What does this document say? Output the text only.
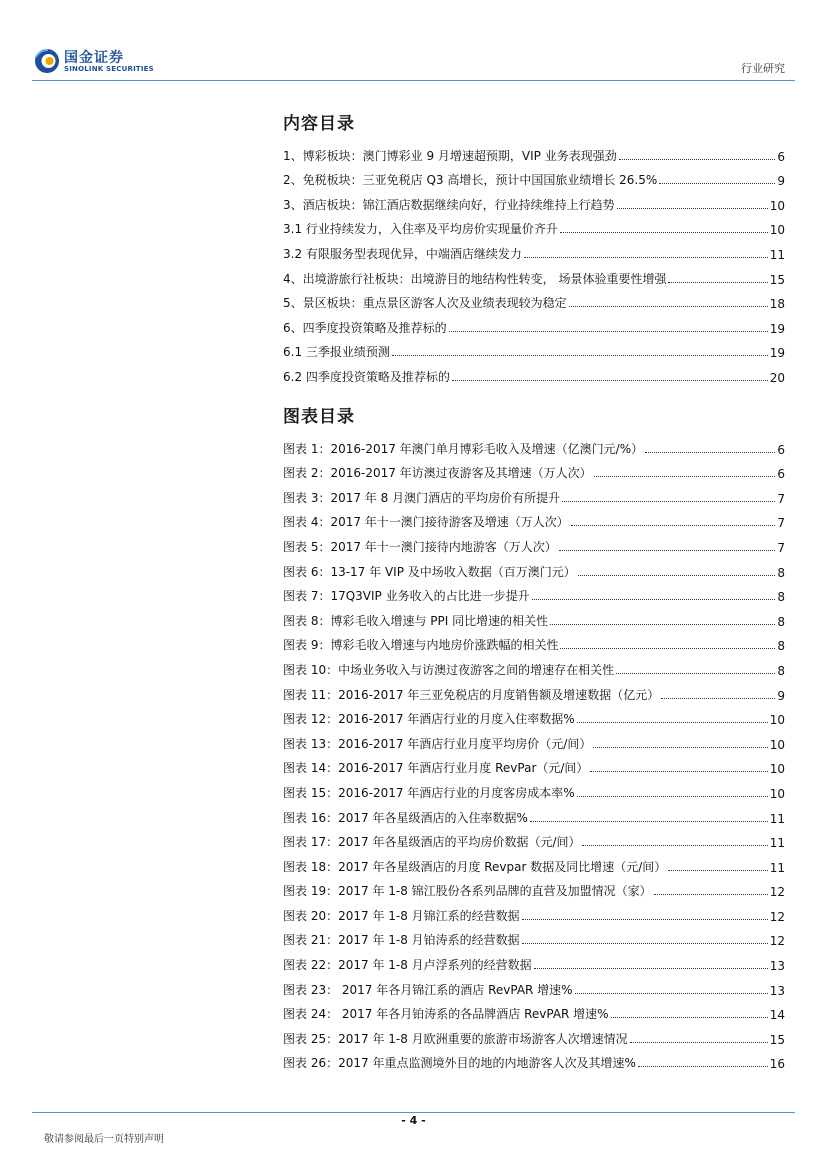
国金证券
SINOLINK SECURITIES	行业研究
内容目录
1、博彩板块：澳门博彩业 9 月增速超预期，VIP 业务表现强劲	6
2、免税板块：三亚免税店 Q3 高增长，预计中国国旅业绩增长 26.5%	9
3、酒店板块：锦江酒店数据继续向好，行业持续维持上行趋势	10
3.1 行业持续发力，入住率及平均房价实现量价齐升	10
3.2 有限服务型表现优异，中端酒店继续发力	11
4、出境游旅行社板块：出境游目的地结构性转变， 场景体验重要性增强	15
5、景区板块：重点景区游客人次及业绩表现较为稳定	18
6、四季度投资策略及推荐标的	19
6.1 三季报业绩预测	19
6.2 四季度投资策略及推荐标的	20
图表目录
图表 1：2016-2017 年澳门单月博彩毛收入及增速（亿澳门元/%）	6
图表 2：2016-2017 年访澳过夜游客及其增速（万人次）	6
图表 3：2017 年 8 月澳门酒店的平均房价有所提升	7
图表 4：2017 年十一澳门接待游客及增速（万人次）	7
图表 5：2017 年十一澳门接待内地游客（万人次）	7
图表 6：13-17 年 VIP 及中场收入数据（百万澳门元）	8
图表 7：17Q3VIP 业务收入的占比进一步提升	8
图表 8：博彩毛收入增速与 PPI 同比增速的相关性	8
图表 9：博彩毛收入增速与内地房价涨跌幅的相关性	8
图表 10：中场业务收入与访澳过夜游客之间的增速存在相关性	8
图表 11：2016-2017 年三亚免税店的月度销售额及增速数据（亿元）	9
图表 12：2016-2017 年酒店行业的月度入住率数据%	10
图表 13：2016-2017 年酒店行业月度平均房价（元/间）	10
图表 14：2016-2017 年酒店行业月度 RevPar（元/间）	10
图表 15：2016-2017 年酒店行业的月度客房成本率%	10
图表 16：2017 年各星级酒店的入住率数据%	11
图表 17：2017 年各星级酒店的平均房价数据（元/间）	11
图表 18：2017 年各星级酒店的月度 Revpar 数据及同比增速（元/间）	11
图表 19：2017 年 1-8 锦江股份各系列品牌的直营及加盟情况（家）	12
图表 20：2017 年 1-8 月锦江系的经营数据	12
图表 21：2017 年 1-8 月铂涛系的经营数据	12
图表 22：2017 年 1-8 月卢浮系列的经营数据	13
图表 23： 2017 年各月锦江系的酒店 RevPAR 增速%	13
图表 24： 2017 年各月铂涛系的各品牌酒店 RevPAR 增速%	14
图表 25：2017 年 1-8 月欧洲重要的旅游市场游客人次增速情况	15
图表 26：2017 年重点监测境外目的地的内地游客人次及其增速%	16
- 4 -
敬请参阅最后一页特别声明
